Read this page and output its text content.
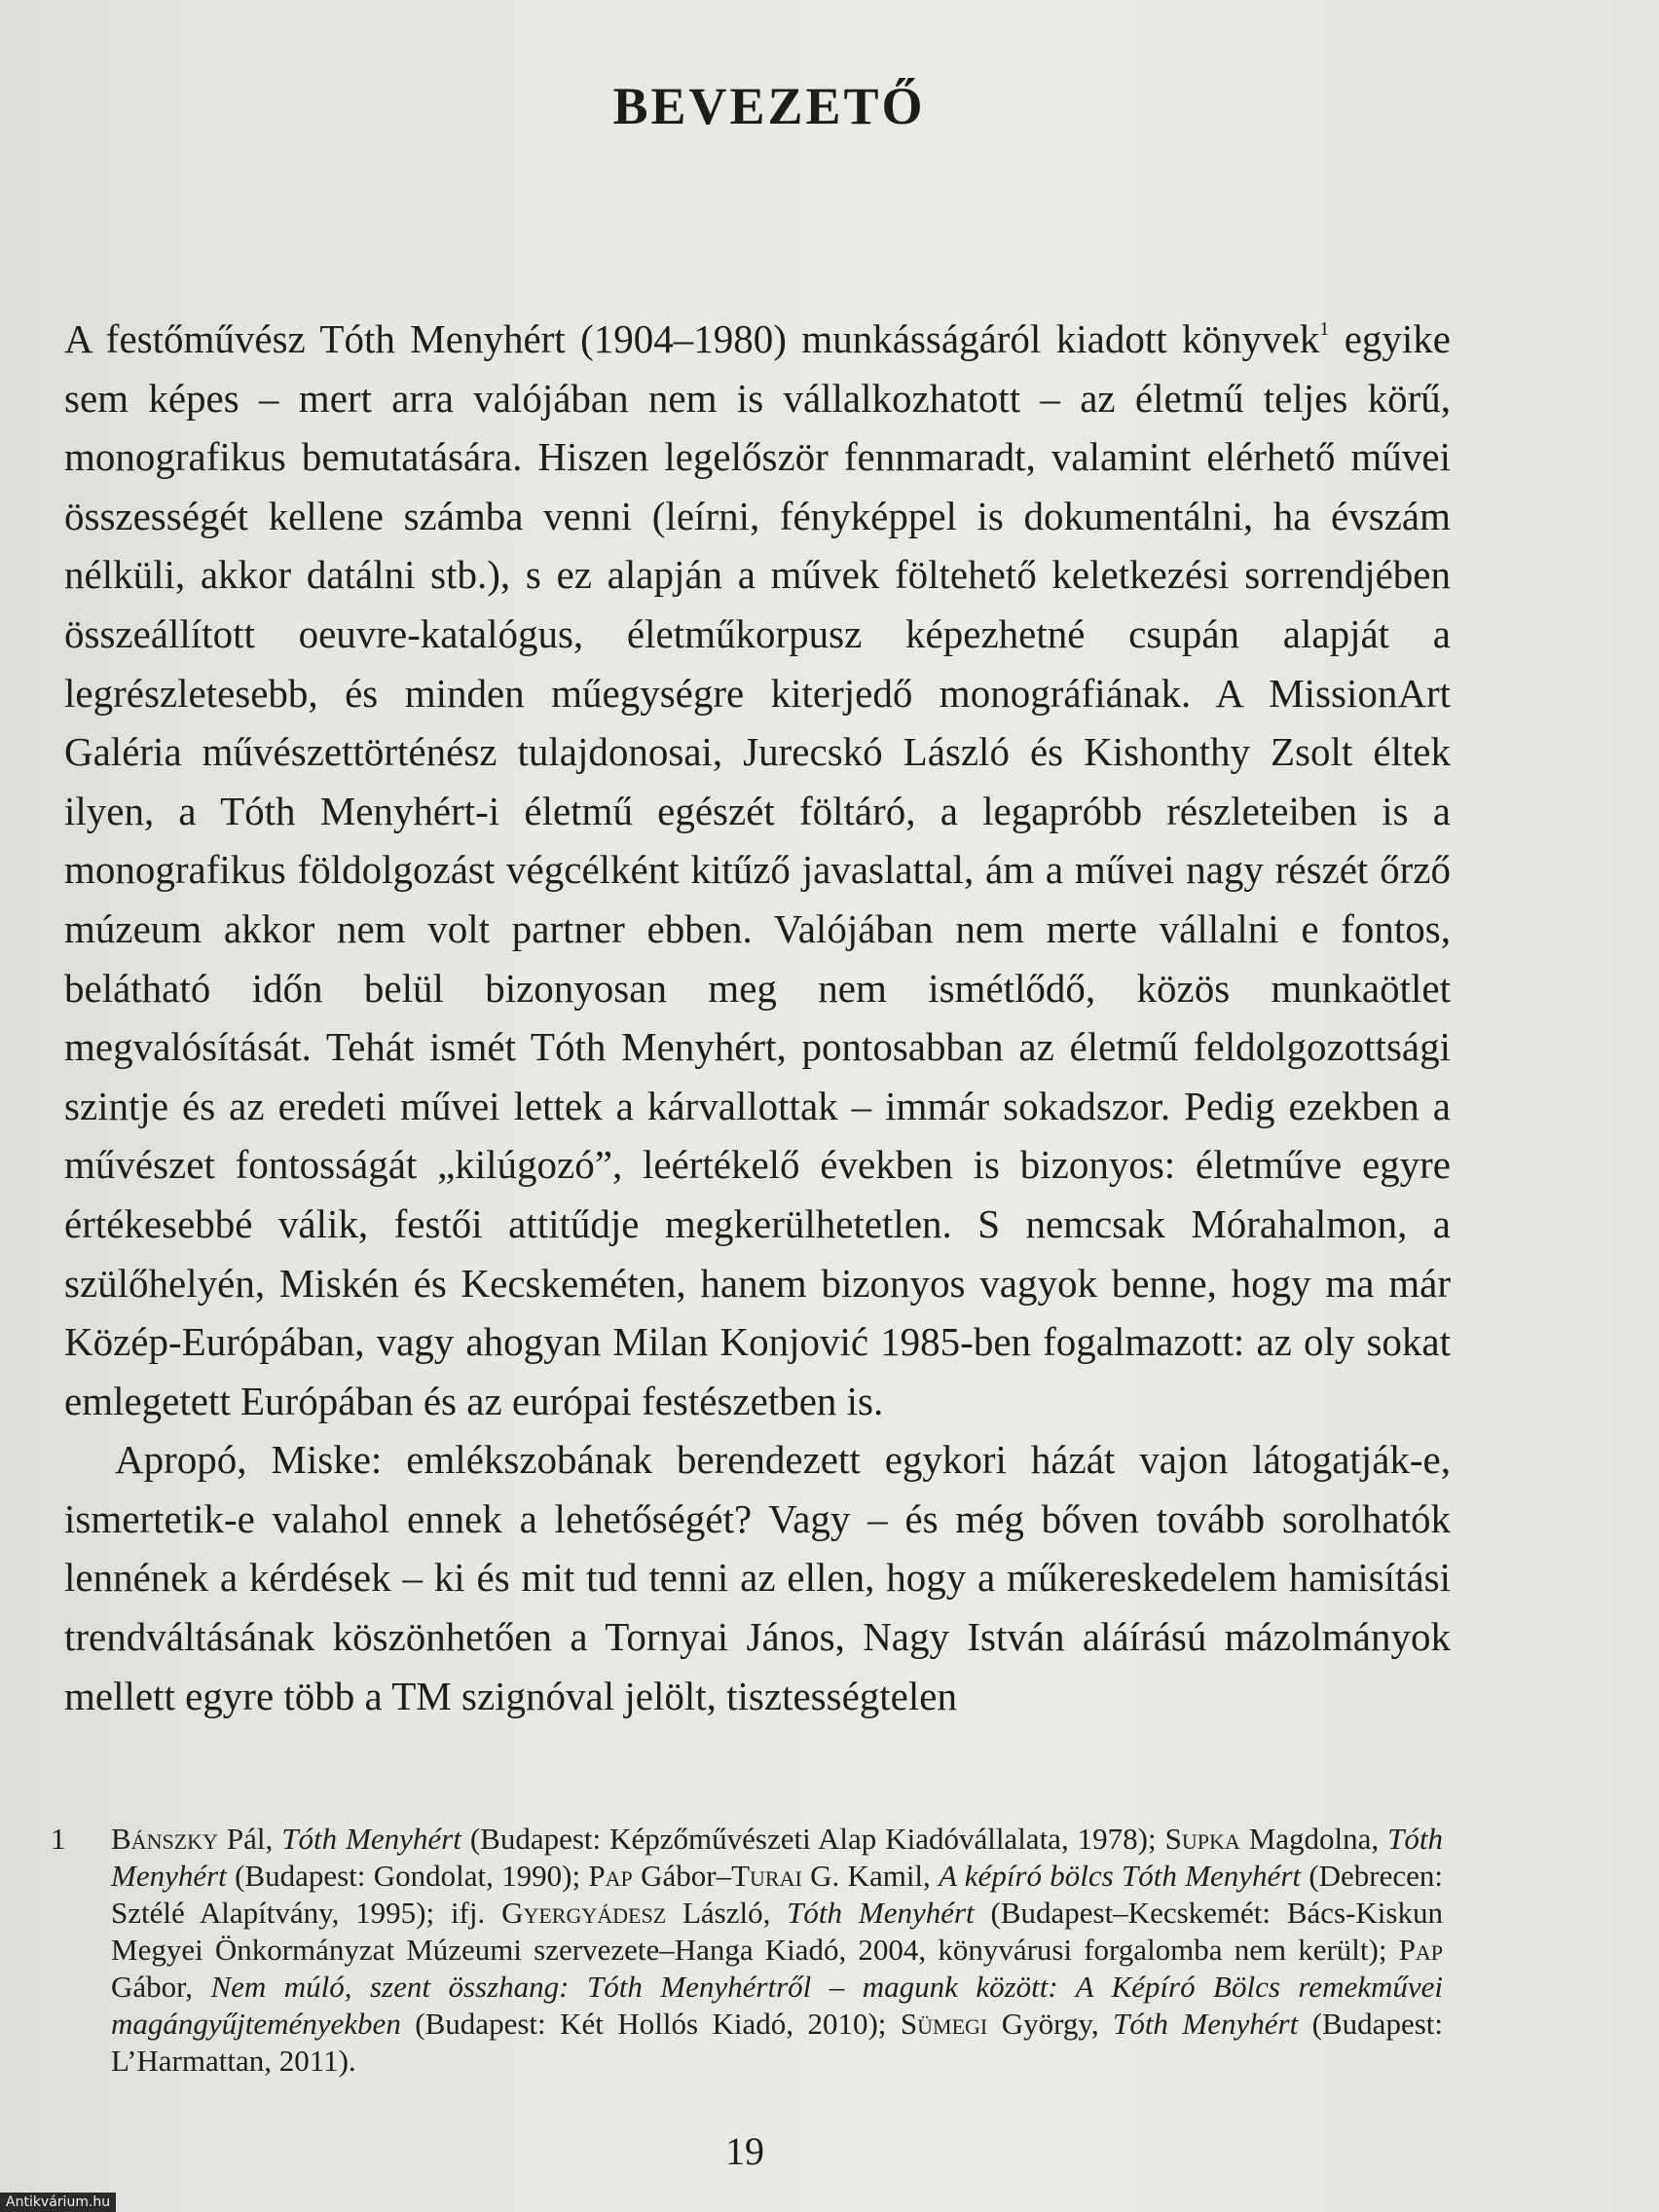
BEVEZETŐ

A festőművész Tóth Menyhért (1904–1980) munkásságáról kiadott könyvek$^1$ egyike sem képes – mert arra valójában nem is vállalkozhatott – az életmű teljes körű, monografikus bemutatására. Hiszen legelőször fennmaradt, valamint elérhető művei összességét kellene számba venni (leírni, fényképpel is dokumentálni, ha évszám nélküli, akkor datálni stb.), s ez alapján a művek föltehető keletkezési sorrendjében összeállított oeuvre-katalógus, életműkorpusz képezhetné csupán alapját a legrészletesebb, és minden műegységre kiterjedő monográfiának. A MissionArt Galéria művészettörténész tulajdonosai, Jurecskó László és Kishonthy Zsolt éltek ilyen, a Tóth Menyhért-i életmű egészét föltáró, a legapróbb részleteiben is a monografikus földolgozást végcélként kitűző javaslattal, ám a művei nagy részét őrző múzeum akkor nem volt partner ebben. Valójában nem merte vállalni e fontos, belátható időn belül bizonyosan meg nem ismétlődő, közös munkaötlet megvalósítását. Tehát ismét Tóth Menyhért, pontosabban az életmű feldolgozottsági szintje és az eredeti művei lettek a kárvallottak – immár sokadszor. Pedig ezekben a művészet fontosságát „kilúgozó”, leértékelő években is bizonyos: életműve egyre értékesebbé válik, festői attitűdje megkerülhetetlen. S nemcsak Mórahalmon, a szülőhelyén, Miskén és Kecskeméten, hanem bizonyos vagyok benne, hogy ma már Közép-Európában, vagy ahogyan Milan Konjović 1985-ben fogalmazott: az oly sokat emlegetett Európában és az európai festészetben is.

Apropó, Miske: emlékszobának berendezett egykori házát vajon látogatják-e, ismertetik-e valahol ennek a lehetőségét? Vagy – és még bőven tovább sorolhatók lennének a kérdések – ki és mit tud tenni az ellen, hogy a műkereskedelem hamisítási trendváltásának köszönhetően a Tornyai János, Nagy István aláírású mázolmányok mellett egyre több a TM szignóval jelölt, tisztességtelen

1 Bánszky Pál, Tóth Menyhért (Budapest: Képzőművészeti Alap Kiadóvállalata, 1978); Supka Magdolna, Tóth Menyhért (Budapest: Gondolat, 1990); Pap Gábor–Turai G. Kamil, A képíró bölcs Tóth Menyhért (Debrecen: Sztélé Alapítvány, 1995); ifj. Gyergyádesz László, Tóth Menyhért (Budapest–Kecskemét: Bács-Kiskun Megyei Önkormányzat Múzeumi szervezete–Hanga Kiadó, 2004, könyvárusi forgalomba nem került); Pap Gábor, Nem múló, szent összhang: Tóth Menyhértről – magunk között: A Képíró Bölcs remekművei magángyűjteményekben (Budapest: Két Hollós Kiadó, 2010); Sümegi György, Tóth Menyhért (Budapest: L’Harmattan, 2011).
19
Antikvárium.hu
